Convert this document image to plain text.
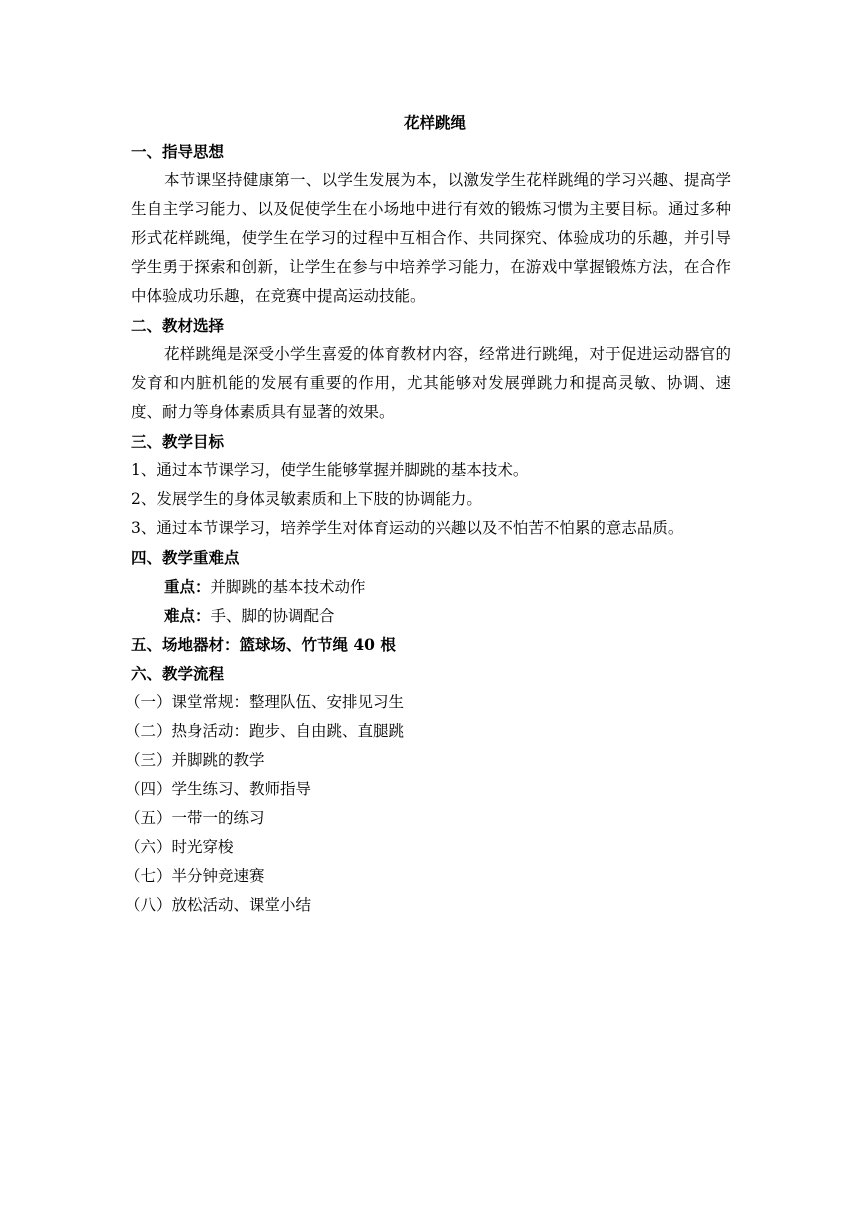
花样跳绳
一、指导思想

本节课坚持健康第一、以学生发展为本，以激发学生花样跳绳的学习兴趣、提高学生自主学习能力、以及促使学生在小场地中进行有效的锻炼习惯为主要目标。通过多种形式花样跳绳，使学生在学习的过程中互相合作、共同探究、体验成功的乐趣，并引导学生勇于探索和创新，让学生在参与中培养学习能力，在游戏中掌握锻炼方法，在合作中体验成功乐趣，在竞赛中提高运动技能。

二、教材选择

花样跳绳是深受小学生喜爱的体育教材内容，经常进行跳绳，对于促进运动器官的发育和内脏机能的发展有重要的作用，尤其能够对发展弹跳力和提高灵敏、协调、速度、耐力等身体素质具有显著的效果。

三、教学目标
1、通过本节课学习，使学生能够掌握并脚跳的基本技术。
2、发展学生的身体灵敏素质和上下肢的协调能力。
3、通过本节课学习，培养学生对体育运动的兴趣以及不怕苦不怕累的意志品质。
四、教学重难点
重点：并脚跳的基本技术动作
难点：手、脚的协调配合
五、场地器材：篮球场、竹节绳 40 根
六、教学流程
（一）课堂常规：整理队伍、安排见习生
（二）热身活动：跑步、自由跳、直腿跳
（三）并脚跳的教学
（四）学生练习、教师指导
（五）一带一的练习
（六）时光穿梭
（七）半分钟竞速赛
（八）放松活动、课堂小结
